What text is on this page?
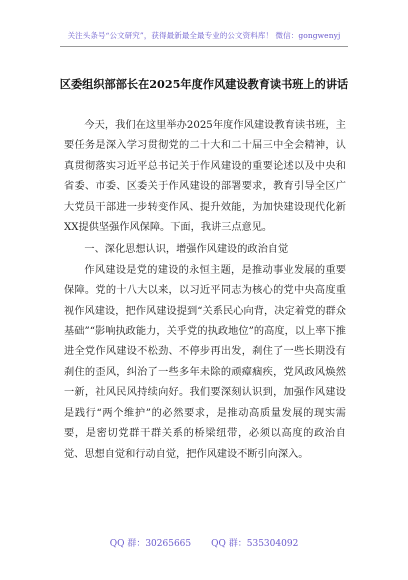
关注头条号“公文研究”，获得最新最全最专业的公文资料库！ 微信：gongwenyj
区委组织部部长在2025年度作风建设教育读书班上的讲话

今天，我们在这里举办2025年度作风建设教育读书班，主要任务是深入学习贯彻党的二十大和二十届三中全会精神，认真贯彻落实习近平总书记关于作风建设的重要论述以及中央和省委、市委、区委关于作风建设的部署要求，教育引导全区广大党员干部进一步转变作风、提升效能，为加快建设现代化新XX提供坚强作风保障。下面，我讲三点意见。

一、深化思想认识，增强作风建设的政治自觉

作风建设是党的建设的永恒主题，是推动事业发展的重要保障。党的十八大以来，以习近平同志为核心的党中央高度重视作风建设，把作风建设提到“关系民心向背，决定着党的群众基础”“影响执政能力，关乎党的执政地位”的高度，以上率下推进全党作风建设不松劲、不停步再出发，刹住了一些长期没有刹住的歪风，纠治了一些多年未除的顽瘴痼疾，党风政风焕然一新，社风民风持续向好。我们要深刻认识到，加强作风建设是践行“两个维护”的必然要求，是推动高质量发展的现实需要，是密切党群干群关系的桥梁纽带，必须以高度的政治自觉、思想自觉和行动自觉，把作风建设不断引向深入。

QQ 群：30265665 QQ 群：535304092
